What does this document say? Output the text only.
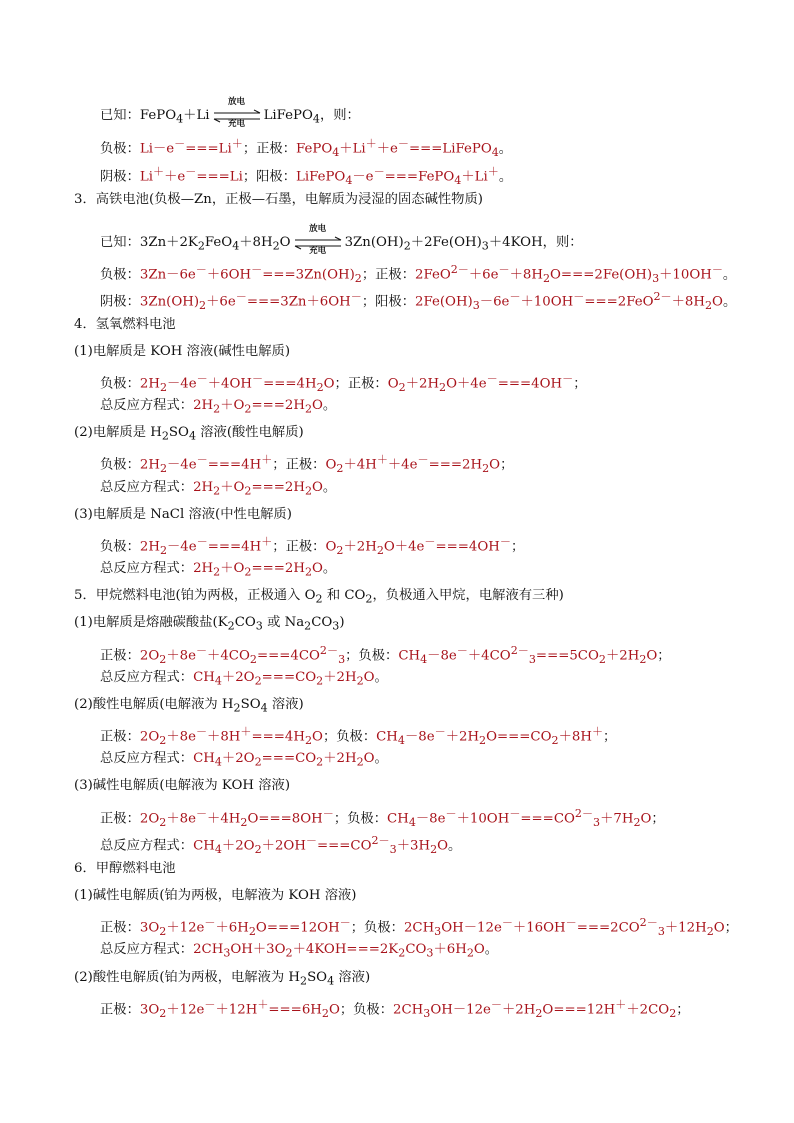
已知：FePO$_4$＋Li
放电
充电
LiFePO$_4$，则：
负极：Li－e－===Li＋；正极：FePO$_4$＋Li＋＋e－===LiFePO$_4$。
阴极：Li＋＋e－===Li；阳极：LiFePO$_4$－e－===FePO$_4$＋Li＋。
3．高铁电池(负极—Zn，正极—石墨，电解质为浸湿的固态碱性物质)
已知：$3Zn+2K_2FeO_4+8H_2O$
放电
充电
$3Zn(OH)_2+2Fe(OH)_3+4KOH$，则：
负极：$3Zn-6e^-+6OH^-===3Zn(OH)_2$；正极：$2FeO^{2-}+6e^-+8H_2O===2Fe(OH)_3+10OH^-$。
阴极：$3Zn(OH)_2+6e^-===3Zn+6OH^-$；阳极：$2Fe(OH)_3-6e^-+10OH^-===2FeO^{2-}+8H_2O$。
4．氢氧燃料电池
(1)电解质是 KOH 溶液(碱性电解质)
负极：$2H_2-4e^-+4OH^-===4H_2O$；正极：$O_2+2H_2O+4e^-===4OH^-$；
总反应方程式：$2H_2+O_2===2H_2O$。
(2)电解质是 $H_2SO_4$ 溶液(酸性电解质)
负极：$2H_2-4e^-===4H^+$；正极：$O_2+4H^++4e^-===2H_2O$；
总反应方程式：$2H_2+O_2===2H_2O$。
(3)电解质是 NaCl 溶液(中性电解质)
负极：$2H_2-4e^-===4H^+$；正极：$O_2+2H_2O+4e^-===4OH^-$；
总反应方程式：$2H_2+O_2===2H_2O$。
5．甲烷燃料电池(铂为两极，正极通入 $O_2$ 和 $CO_2$，负极通入甲烷，电解液有三种)
(1)电解质是熔融碳酸盐($K_2CO_3$ 或 $Na_2CO_3$)
正极：$2O_2+8e^-+4CO_2===4CO^{2-}_3$；负极：$CH_4-8e^-+4CO^{2-}_3===5CO_2+2H_2O$；
总反应方程式：$CH_4+2O_2===CO_2+2H_2O$。
(2)酸性电解质(电解液为 $H_2SO_4$ 溶液)
正极：$2O_2+8e^-+8H^+===4H_2O$；负极：$CH_4-8e^-+2H_2O===CO_2+8H^+$；
总反应方程式：$CH_4+2O_2===CO_2+2H_2O$。
(3)碱性电解质(电解液为 KOH 溶液)
正极：$2O_2+8e^-+4H_2O===8OH^-$；负极：$CH_4-8e^-+10OH^-===CO^{2-}_3+7H_2O$；
总反应方程式：$CH_4+2O_2+2OH^-===CO^{2-}_3+3H_2O$。
6．甲醇燃料电池
(1)碱性电解质(铂为两极，电解液为 KOH 溶液)
正极：$3O_2+12e^-+6H_2O===12OH^-$；负极：$2CH_3OH-12e^-+16OH^-===2CO^{2-}_3+12H_2O$；
总反应方程式：$2CH_3OH+3O_2+4KOH===2K_2CO_3+6H_2O$。
(2)酸性电解质(铂为两极，电解液为 $H_2SO_4$ 溶液)
正极：$3O_2+12e^-+12H^+===6H_2O$；负极：$2CH_3OH-12e^-+2H_2O===12H^++2CO_2$；
